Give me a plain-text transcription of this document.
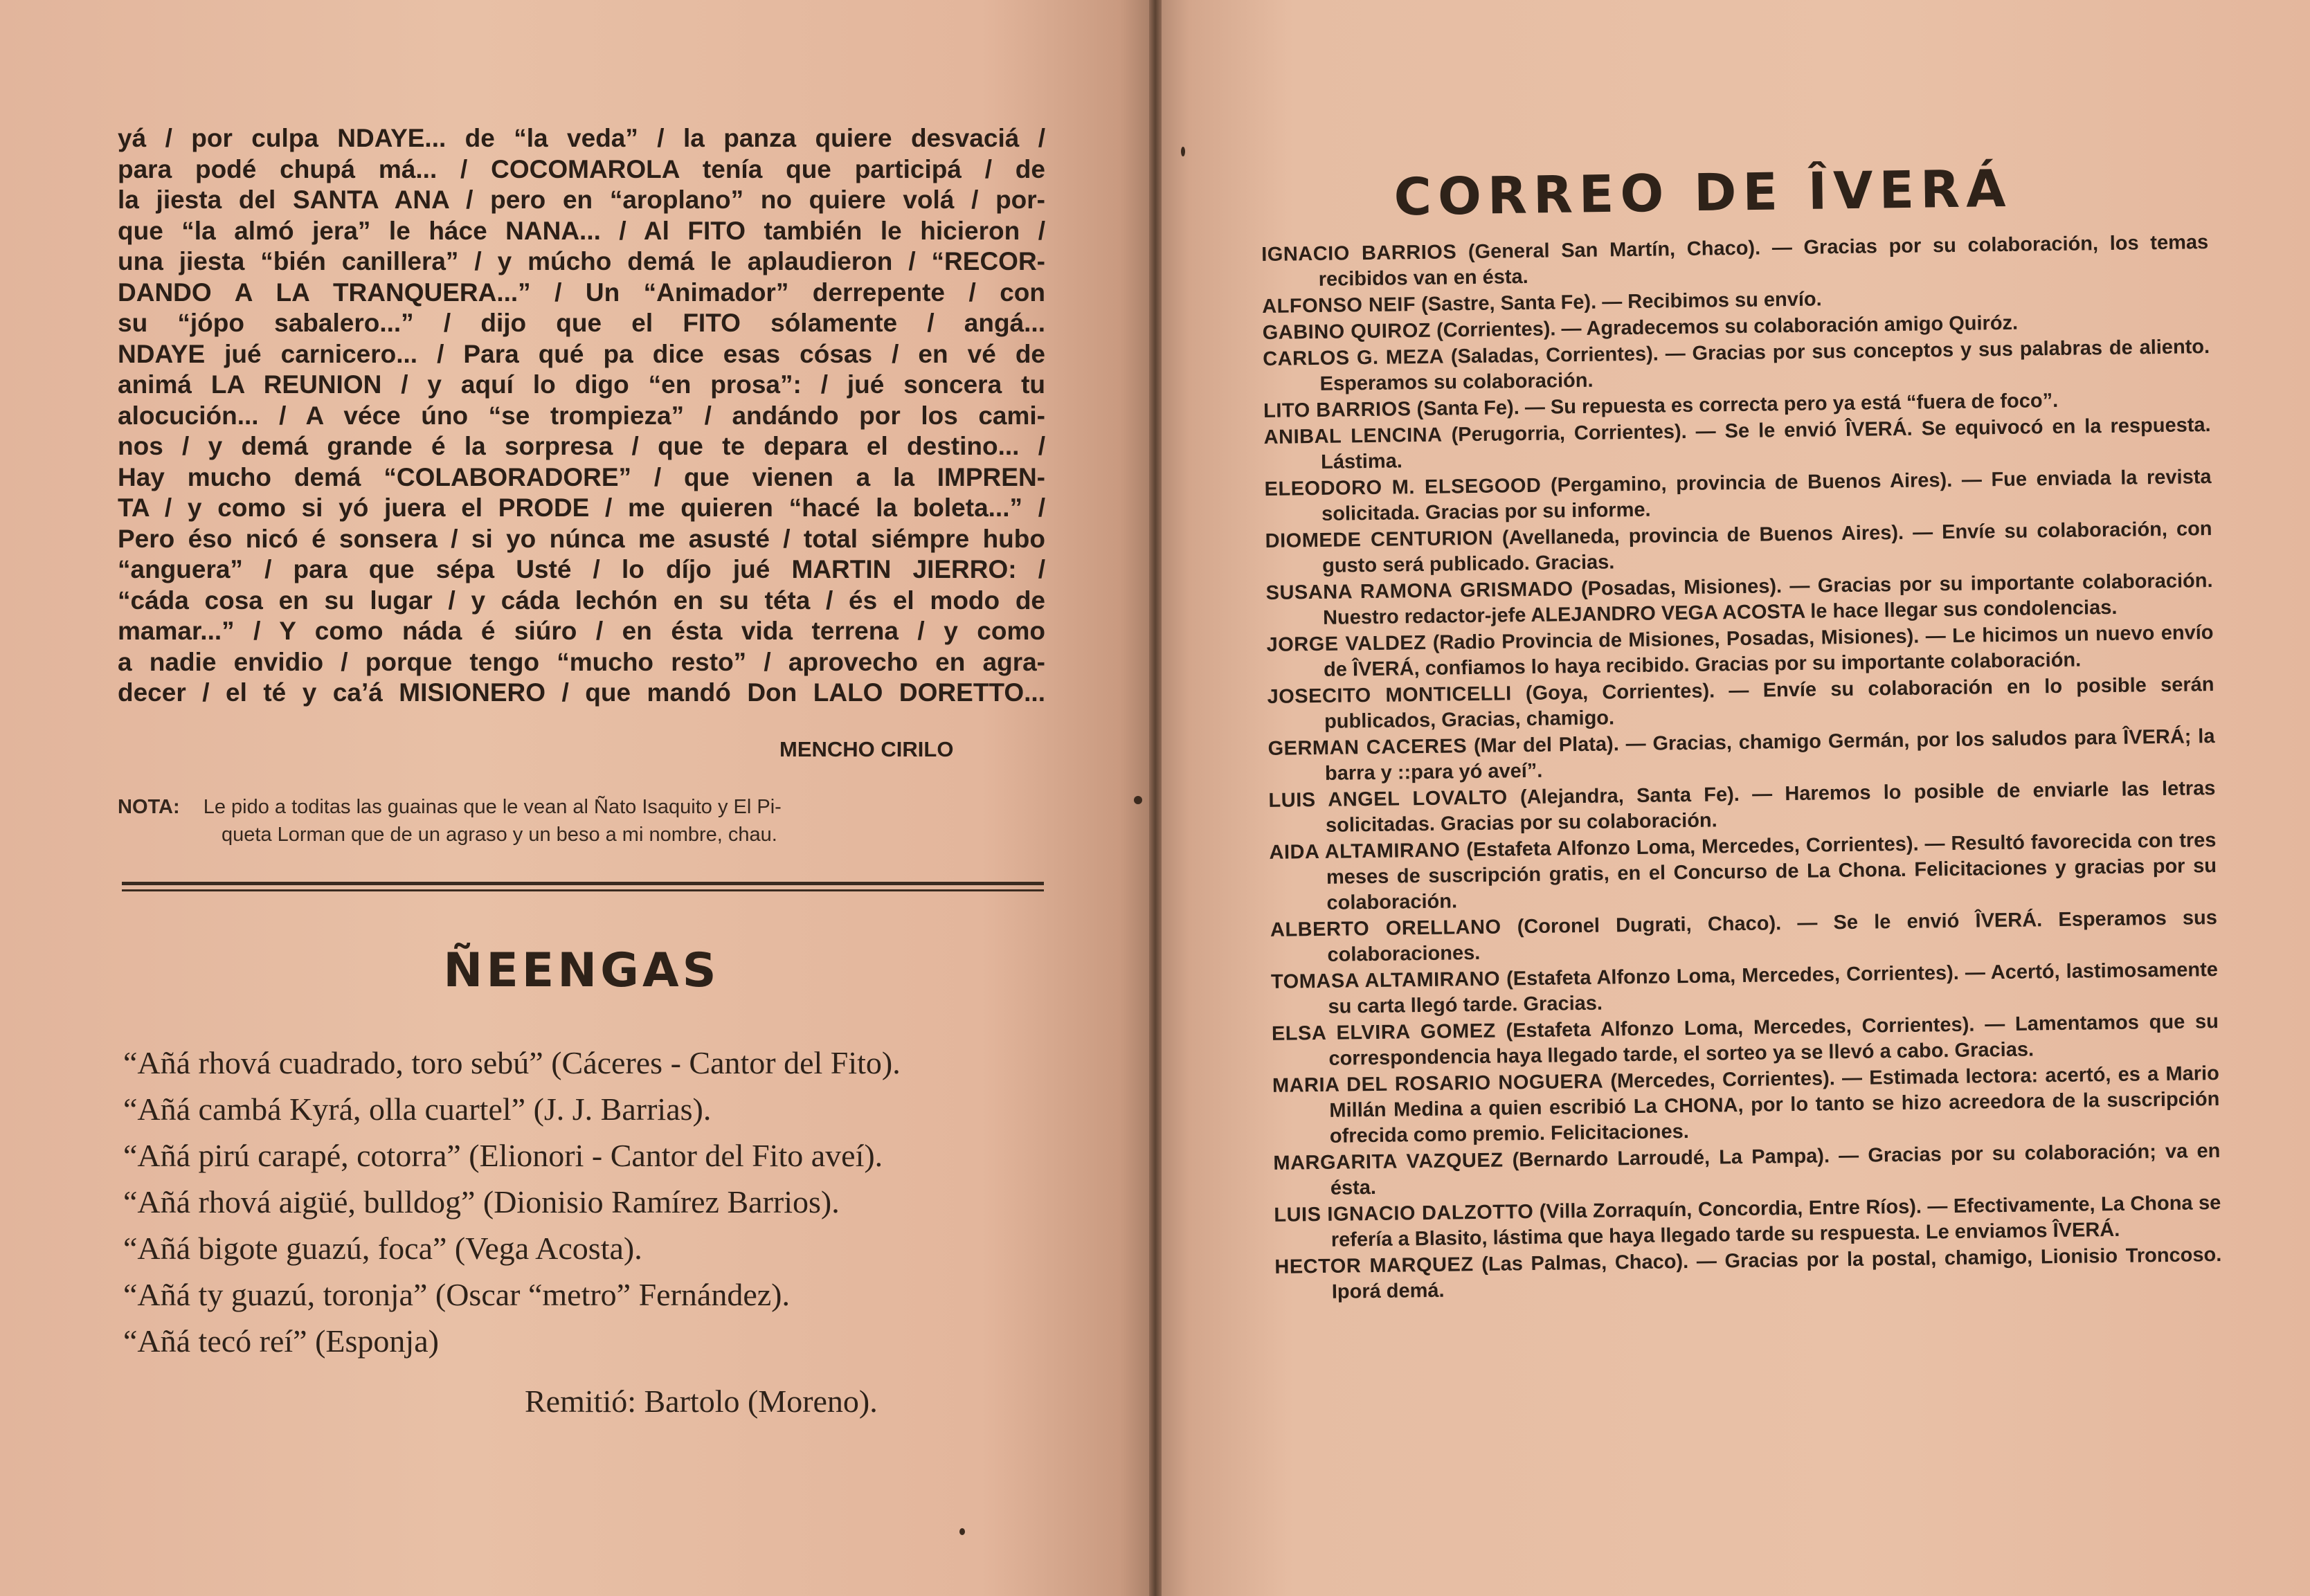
yá / por culpa NDAYE... de “la veda” / la panza quiere desvaciá /

para podé chupá má... / COCOMAROLA tenía que participá / de

la jiesta del SANTA ANA / pero en “aroplano” no quiere volá / por-

que “la almó jera” le háce NANA... / Al FITO también le hicieron /

una jiesta “bién canillera” / y múcho demá le aplaudieron / “RECOR-

DANDO A LA TRANQUERA...” / Un “Animador” derrepente / con

su “jópo sabalero...” / dijo que el FITO sólamente / angá...

NDAYE jué carnicero... / Para qué pa dice esas cósas / en vé de

animá LA REUNION / y aquí lo digo “en prosa”: / jué soncera tu

alocución... / A véce úno “se trompieza” / andándo por los cami-

nos / y demá grande é la sorpresa / que te depara el destino... /

Hay mucho demá “COLABORADORE” / que vienen a la IMPREN-

TA / y como si yó juera el PRODE / me quieren “hacé la boleta...” /

Pero éso nicó é sonsera / si yo núnca me asusté / total siémpre hubo

“anguera” / para que sépa Usté / lo díjo jué MARTIN JIERRO: /

“cáda cosa en su lugar / y cáda lechón en su téta / és el modo de

mamar...” / Y como náda é siúro / en ésta vida terrena / y como

a nadie envidio / porque tengo “mucho resto” / aprovecho en agra-

decer / el té y ca’á MISIONERO / que mandó Don LALO DORETTO...

MENCHO CIRILO
NOTA: Le pido a toditas las guainas que le vean al Ñato Isaquito y El Pi-
queta Lorman que de un agraso y un beso a mi nombre, chau.
ÑEENGAS
“Añá rhová cuadrado, toro sebú” (Cáceres - Cantor del Fito).
“Añá cambá Kyrá, olla cuartel” (J. J. Barrias).
“Añá pirú carapé, cotorra” (Elionori - Cantor del Fito aveí).
“Añá rhová aigüé, bulldog” (Dionisio Ramírez Barrios).
“Añá bigote guazú, foca” (Vega Acosta).
“Añá ty guazú, toronja” (Oscar “metro” Fernández).
“Añá tecó reí” (Esponja)
Remitió: Bartolo (Moreno).
CORREO DE ÎVERÁ
IGNACIO BARRIOS (General San Martín, Chaco). — Gracias por su colaboración, los temas recibidos van en ésta.
ALFONSO NEIF (Sastre, Santa Fe). — Recibimos su envío.
GABINO QUIROZ (Corrientes). — Agradecemos su colaboración amigo Quiróz.
CARLOS G. MEZA (Saladas, Corrientes). — Gracias por sus conceptos y sus palabras de aliento. Esperamos su colaboración.
LITO BARRIOS (Santa Fe). — Su repuesta es correcta pero ya está “fuera de foco”.
ANIBAL LENCINA (Perugorria, Corrientes). — Se le envió ÎVERÁ. Se equivocó en la respuesta. Lástima.
ELEODORO M. ELSEGOOD (Pergamino, provincia de Buenos Aires). — Fue enviada la revista solicitada. Gracias por su informe.
DIOMEDE CENTURION (Avellaneda, provincia de Buenos Aires). — Envíe su colaboración, con gusto será publicado. Gracias.
SUSANA RAMONA GRISMADO (Posadas, Misiones). — Gracias por su importante colaboración. Nuestro redactor-jefe ALEJANDRO VEGA ACOSTA le hace llegar sus condolencias.
JORGE VALDEZ (Radio Provincia de Misiones, Posadas, Misiones). — Le hicimos un nuevo envío de ÎVERÁ, confiamos lo haya recibido. Gracias por su importante colaboración.
JOSECITO MONTICELLI (Goya, Corrientes). — Envíe su colaboración en lo posible serán publicados, Gracias, chamigo.
GERMAN CACERES (Mar del Plata). — Gracias, chamigo Germán, por los saludos para ÎVERÁ; la barra y ::para yó aveí”.
LUIS ANGEL LOVALTO (Alejandra, Santa Fe). — Haremos lo posible de enviarle las letras solicitadas. Gracias por su colaboración.
AIDA ALTAMIRANO (Estafeta Alfonzo Loma, Mercedes, Corrientes). — Resultó favorecida con tres meses de suscripción gratis, en el Concurso de La Chona. Felicitaciones y gracias por su colaboración.
ALBERTO ORELLANO (Coronel Dugrati, Chaco). — Se le envió ÎVERÁ. Esperamos sus colaboraciones.
TOMASA ALTAMIRANO (Estafeta Alfonzo Loma, Mercedes, Corrientes). — Acertó, lastimosamente su carta llegó tarde. Gracias.
ELSA ELVIRA GOMEZ (Estafeta Alfonzo Loma, Mercedes, Corrientes). — Lamentamos que su correspondencia haya llegado tarde, el sorteo ya se llevó a cabo. Gracias.
MARIA DEL ROSARIO NOGUERA (Mercedes, Corrientes). — Estimada lectora: acertó, es a Mario Millán Medina a quien escribió La CHONA, por lo tanto se hizo acreedora de la suscripción ofrecida como premio. Felicitaciones.
MARGARITA VAZQUEZ (Bernardo Larroudé, La Pampa). — Gracias por su colaboración; va en ésta.
LUIS IGNACIO DALZOTTO (Villa Zorraquín, Concordia, Entre Ríos). — Efectivamente, La Chona se refería a Blasito, lástima que haya llegado tarde su respuesta. Le enviamos ÎVERÁ.
HECTOR MARQUEZ (Las Palmas, Chaco). — Gracias por la postal, chamigo, Lionisio Troncoso. Iporá demá.
